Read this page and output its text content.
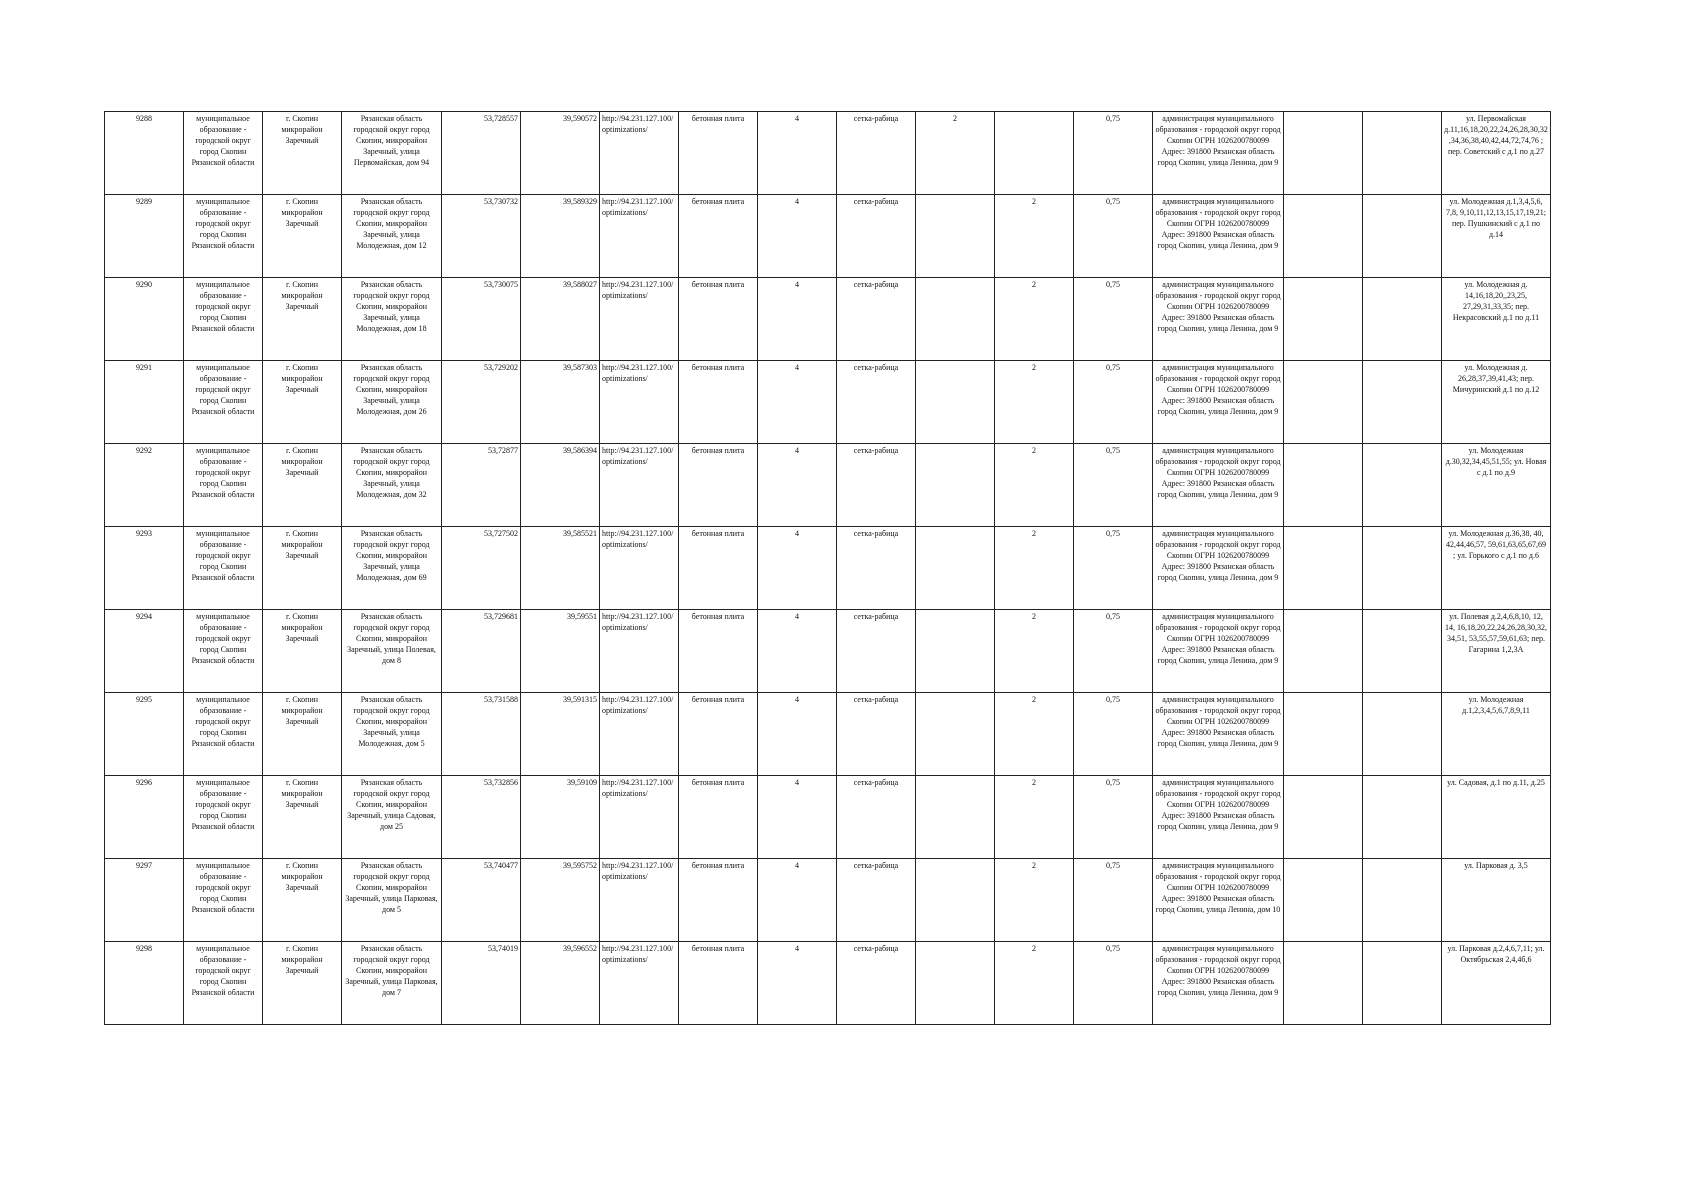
9288	муниципальное образование - городской округ город Скопин Рязанской области	г. Скопин микрорайон Заречный	Рязанская область городской округ город Скопин, микрорайон Заречный, улица Первомайская, дом 94	53,728557	39,590572	http://94.231.127.100/optimizations/	бетонная плита	4	сетка-рабица	2		0,75	администрация муниципального образования - городской округ город Скопин ОГРН 1026200780099 Адрес: 391800 Рязанская область город Скопин, улица Ленина, дом 9			ул. Первомайская д.11,16,18,20,22,24,26,28,30,32,34,36,38,40,42,44,72,74,76 ; пер. Советский с д.1 по д.27
9289	муниципальное образование - городской округ город Скопин Рязанской области	г. Скопин микрорайон Заречный	Рязанская область городской округ город Скопин, микрорайон Заречный, улица Молодежная, дом 12	53,730732	39,589329	http://94.231.127.100/optimizations/	бетонная плита	4	сетка-рабица		2	0,75	администрация муниципального образования - городской округ город Скопин ОГРН 1026200780099 Адрес: 391800 Рязанская область город Скопин, улица Ленина, дом 9			ул. Молодежная д.1,3,4,5,6, 7,8, 9,10,11,12,13,15,17,19,21; пер. Пушкинский с д.1 по д.14
9290	муниципальное образование - городской округ город Скопин Рязанской области	г. Скопин микрорайон Заречный	Рязанская область городской округ город Скопин, микрорайон Заречный, улица Молодежная, дом 18	53,730075	39,588027	http://94.231.127.100/optimizations/	бетонная плита	4	сетка-рабица		2	0,75	администрация муниципального образования - городской округ город Скопин ОГРН 1026200780099 Адрес: 391800 Рязанская область город Скопин, улица Ленина, дом 9			ул. Молодежная д. 14,16,18,20,,23,25, 27,29,31,33,35; пер. Некрасовский д.1 по д.11
9291	муниципальное образование - городской округ город Скопин Рязанской области	г. Скопин микрорайон Заречный	Рязанская область городской округ город Скопин, микрорайон Заречный, улица Молодежная, дом 26	53,729202	39,587303	http://94.231.127.100/optimizations/	бетонная плита	4	сетка-рабица		2	0,75	администрация муниципального образования - городской округ город Скопин ОГРН 1026200780099 Адрес: 391800 Рязанская область город Скопин, улица Ленина, дом 9			ул. Молодежная д. 26,28,37,39,41,43; пер. Мичуринский д.1 по д.12
9292	муниципальное образование - городской округ город Скопин Рязанской области	г. Скопин микрорайон Заречный	Рязанская область городской округ город Скопин, микрорайон Заречный, улица Молодежная, дом 32	53,72877	39,586394	http://94.231.127.100/optimizations/	бетонная плита	4	сетка-рабица		2	0,75	администрация муниципального образования - городской округ город Скопин ОГРН 1026200780099 Адрес: 391800 Рязанская область город Скопин, улица Ленина, дом 9			ул. Молодежная д.30,32,34,45,51,55; ул. Новая с д.1 по д.9
9293	муниципальное образование - городской округ город Скопин Рязанской области	г. Скопин микрорайон Заречный	Рязанская область городской округ город Скопин, микрорайон Заречный, улица Молодежная, дом 69	53,727502	39,585521	http://94.231.127.100/optimizations/	бетонная плита	4	сетка-рабица		2	0,75	администрация муниципального образования - городской округ город Скопин ОГРН 1026200780099 Адрес: 391800 Рязанская область город Скопин, улица Ленина, дом 9			ул. Молодежная д.36,38, 40, 42,44,46,57, 59,61,63,65,67,69 ; ул. Горького с д.1 по д.6
9294	муниципальное образование - городской округ город Скопин Рязанской области	г. Скопин микрорайон Заречный	Рязанская область городской округ город Скопин, микрорайон Заречный, улица Полевая, дом 8	53,729681	39,59551	http://94.231.127.100/optimizations/	бетонная плита	4	сетка-рабица		2	0,75	администрация муниципального образования - городской округ город Скопин ОГРН 1026200780099 Адрес: 391800 Рязанская область город Скопин, улица Ленина, дом 9			ул. Полевая д.2,4,6,8,10, 12, 14, 16,18,20,22,24,26,28,30,32, 34,51, 53,55,57,59,61,63; пер. Гагарина 1,2,3А
9295	муниципальное образование - городской округ город Скопин Рязанской области	г. Скопин микрорайон Заречный	Рязанская область городской округ город Скопин, микрорайон Заречный, улица Молодежная, дом 5	53,731588	39,591315	http://94.231.127.100/optimizations/	бетонная плита	4	сетка-рабица		2	0,75	администрация муниципального образования - городской округ город Скопин ОГРН 1026200780099 Адрес: 391800 Рязанская область город Скопин, улица Ленина, дом 9			ул. Молодежная д.1,2,3,4,5,6,7,8,9,11
9296	муниципальное образование - городской округ город Скопин Рязанской области	г. Скопин микрорайон Заречный	Рязанская область городской округ город Скопин, микрорайон Заречный, улица Садовая, дом 25	53,732856	39,59109	http://94.231.127.100/optimizations/	бетонная плита	4	сетка-рабица		2	0,75	администрация муниципального образования - городской округ город Скопин ОГРН 1026200780099 Адрес: 391800 Рязанская область город Скопин, улица Ленина, дом 9			ул. Садовая, д.1 по д.11, д.25
9297	муниципальное образование - городской округ город Скопин Рязанской области	г. Скопин микрорайон Заречный	Рязанская область городской округ город Скопин, микрорайон Заречный, улица Парковая, дом 5	53,740477	39,595752	http://94.231.127.100/optimizations/	бетонная плита	4	сетка-рабица		2	0,75	администрация муниципального образования - городской округ город Скопин ОГРН 1026200780099 Адрес: 391800 Рязанская область город Скопин, улица Ленина, дом 10			ул. Парковая д. 3,5
9298	муниципальное образование - городской округ город Скопин Рязанской области	г. Скопин микрорайон Заречный	Рязанская область городской округ город Скопин, микрорайон Заречный, улица Парковая, дом 7	53,74019	39,596552	http://94.231.127.100/optimizations/	бетонная плита	4	сетка-рабица		2	0,75	администрация муниципального образования - городской округ город Скопин ОГРН 1026200780099 Адрес: 391800 Рязанская область город Скопин, улица Ленина, дом 9			ул. Парковая д.2,4,6,7,11; ул. Октябрьская 2,4,4б,6
